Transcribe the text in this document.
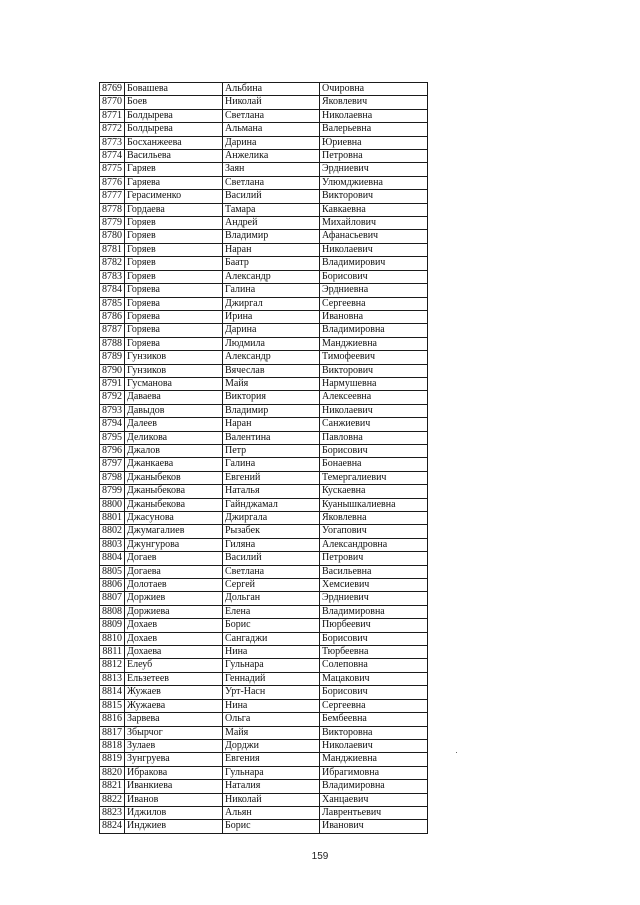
8769	Бовашева	Альбина	Очировна
8770	Боев	Николай	Яковлевич
8771	Болдырева	Светлана	Николаевна
8772	Болдырева	Альмана	Валерьевна
8773	Босханжеева	Дарина	Юриевна
8774	Васильева	Анжелика	Петровна
8775	Гаряев	Заян	Эрдниевич
8776	Гаряева	Светлана	Улюмджиевна
8777	Герасименко	Василий	Викторович
8778	Гордаева	Тамара	Кавкаевна
8779	Горяев	Андрей	Михайлович
8780	Горяев	Владимир	Афанасьевич
8781	Горяев	Наран	Николаевич
8782	Горяев	Баатр	Владимирович
8783	Горяев	Александр	Борисович
8784	Горяева	Галина	Эрдниевна
8785	Горяева	Джиргал	Сергеевна
8786	Горяева	Ирина	Ивановна
8787	Горяева	Дарина	Владимировна
8788	Горяева	Людмила	Манджиевна
8789	Гунзиков	Александр	Тимофеевич
8790	Гунзиков	Вячеслав	Викторович
8791	Гусманова	Майя	Нармушевна
8792	Даваева	Виктория	Алексеевна
8793	Давыдов	Владимир	Николаевич
8794	Далеев	Наран	Санжиевич
8795	Деликова	Валентина	Павловна
8796	Джалов	Петр	Борисович
8797	Джанкаева	Галина	Бонаевна
8798	Джаныбеков	Евгений	Темергалиевич
8799	Джаныбекова	Наталья	Кускаевна
8800	Джаныбекова	Гайнджамал	Куанышкалиевна
8801	Джасунова	Джиргала	Яковлевна
8802	Джумагалиев	Рызабек	Уогапович
8803	Джунгурова	Гиляна	Александровна
8804	Догаев	Василий	Петрович
8805	Догаева	Светлана	Васильевна
8806	Долотаев	Сергей	Хемсиевич
8807	Доржиев	Дольган	Эрдниевич
8808	Доржиева	Елена	Владимировна
8809	Дохаев	Борис	Пюрбеевич
8810	Дохаев	Сангаджи	Борисович
8811	Дохаева	Нина	Тюрбеевна
8812	Елеуб	Гульнара	Солеповна
8813	Ельзетеев	Геннадий	Мацакович
8814	Жужаев	Урт-Насн	Борисович
8815	Жужаева	Нина	Сергеевна
8816	Зарвева	Ольга	Бембеевна
8817	Збырчог	Майя	Викторовна
8818	Зулаев	Дорджи	Николаевич
8819	Зунгруева	Евгения	Манджиевна
8820	Ибракова	Гульнара	Ибрагимовна
8821	Иванкиева	Наталия	Владимировна
8822	Иванов	Николай	Ханцаевич
8823	Иджилов	Альян	Лаврентьевич
8824	Инджиев	Борис	Иванович
159
